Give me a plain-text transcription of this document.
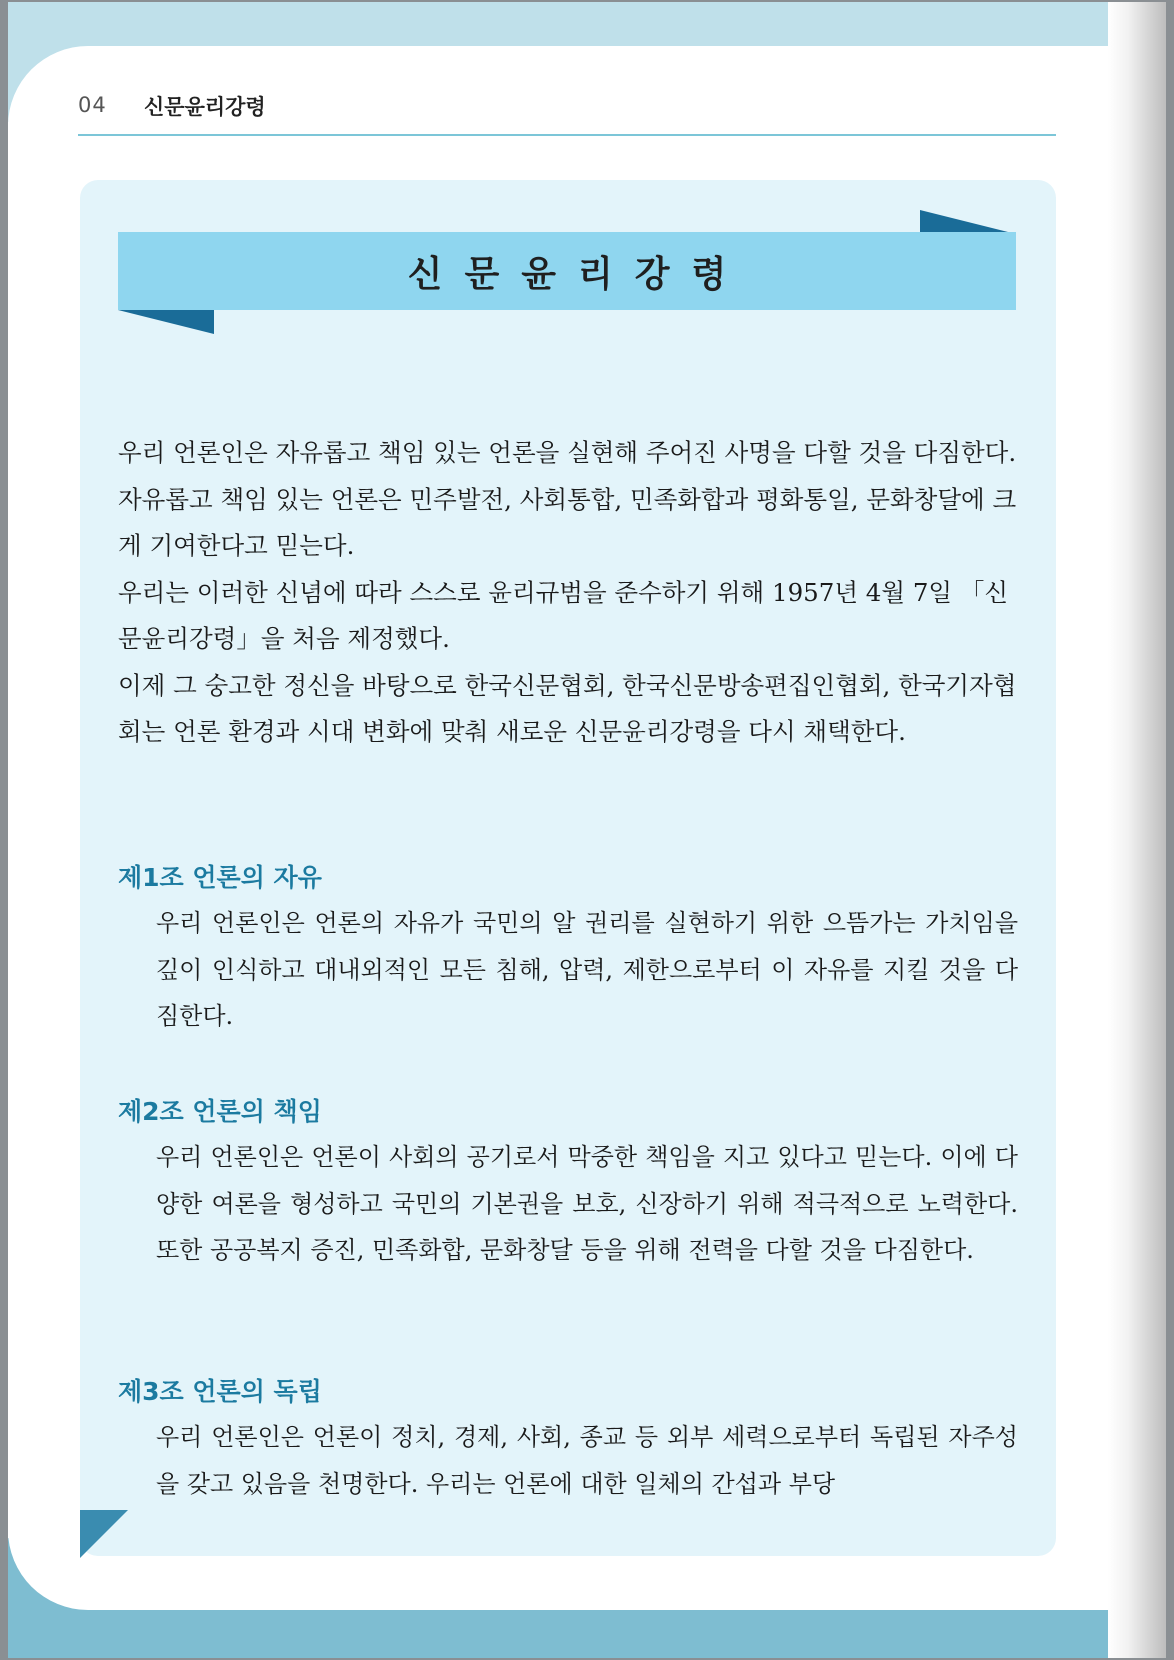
04 신문윤리강령
신문윤리강령

우리 언론인은 자유롭고 책임 있는 언론을 실현해 주어진 사명을 다할 것을 다짐한다. 자유롭고 책임 있는 언론은 민주발전, 사회통합, 민족화합과 평화통일, 문화창달에 크게 기여한다고 믿는다.

우리는 이러한 신념에 따라 스스로 윤리규범을 준수하기 위해 1957년 4월 7일 「신문윤리강령」을 처음 제정했다.

이제 그 숭고한 정신을 바탕으로 한국신문협회, 한국신문방송편집인협회, 한국기자협회는 언론 환경과 시대 변화에 맞춰 새로운 신문윤리강령을 다시 채택한다.

제1조 언론의 자유

우리 언론인은 언론의 자유가 국민의 알 권리를 실현하기 위한 으뜸가는 가치임을 깊이 인식하고 대내외적인 모든 침해, 압력, 제한으로부터 이 자유를 지킬 것을 다짐한다.

제2조 언론의 책임

우리 언론인은 언론이 사회의 공기로서 막중한 책임을 지고 있다고 믿는다. 이에 다양한 여론을 형성하고 국민의 기본권을 보호, 신장하기 위해 적극적으로 노력한다. 또한 공공복지 증진, 민족화합, 문화창달 등을 위해 전력을 다할 것을 다짐한다.

제3조 언론의 독립

우리 언론인은 언론이 정치, 경제, 사회, 종교 등 외부 세력으로부터 독립된 자주성을 갖고 있음을 천명한다. 우리는 언론에 대한 일체의 간섭과 부당
